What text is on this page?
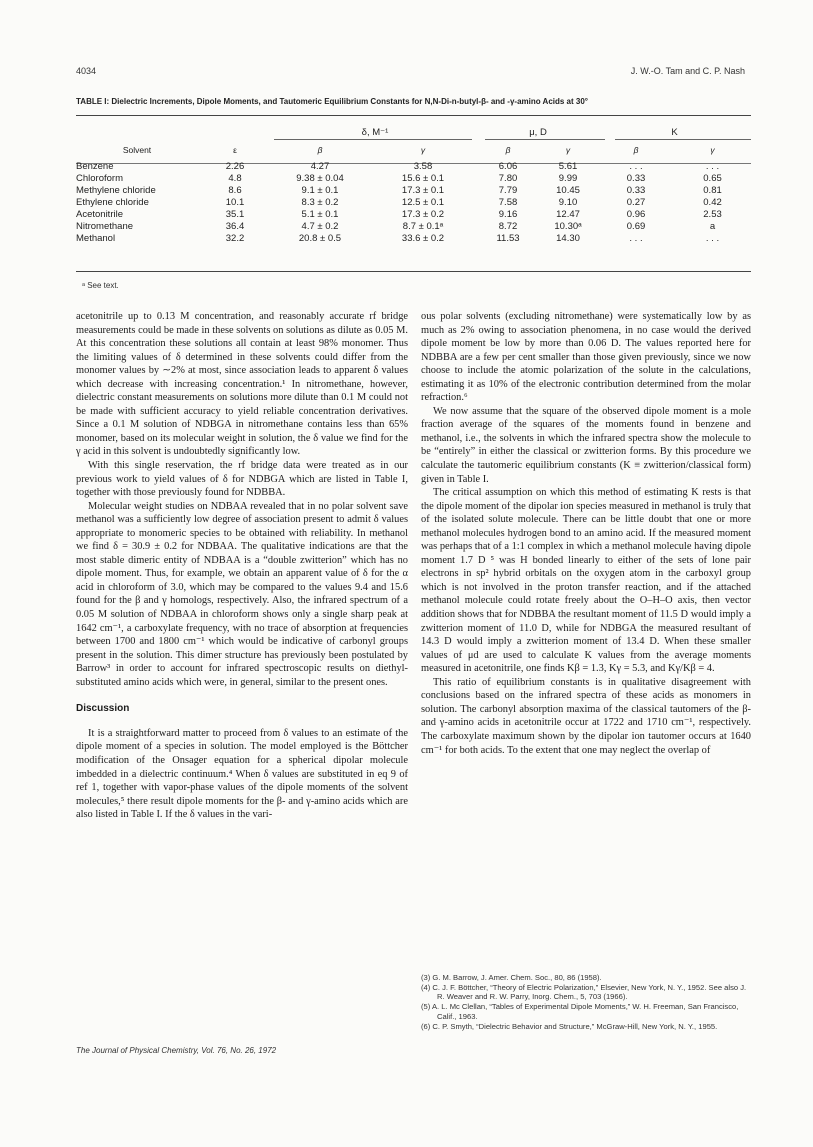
4034	J. W.-O. Tam and C. P. Nash
TABLE I: Dielectric Increments, Dipole Moments, and Tautomeric Equilibrium Constants for N,N-Di-n-butyl-β- and -γ-amino Acids at 30°
		δ, M⁻¹		μ, D		K	
Solvent	ε	β	γ	β	γ	β	γ
Benzene	2.26	4.27	3.58	6.06	5.61	. . .	. . .
Chloroform	4.8	9.38 ± 0.04	15.6 ± 0.1	7.80	9.99	0.33	0.65
Methylene chloride	8.6	9.1 ± 0.1	17.3 ± 0.1	7.79	10.45	0.33	0.81
Ethylene chloride	10.1	8.3 ± 0.2	12.5 ± 0.1	7.58	9.10	0.27	0.42
Acetonitrile	35.1	5.1 ± 0.1	17.3 ± 0.2	9.16	12.47	0.96	2.53
Nitromethane	36.4	4.7 ± 0.2	8.7 ± 0.1ᵃ	8.72	10.30ᵃ	0.69	a
Methanol	32.2	20.8 ± 0.5	33.6 ± 0.2	11.53	14.30	. . .	. . .
ᵃ See text.

acetonitrile up to 0.13 M concentration, and reasonably accurate rf bridge measurements could be made in these solvents on solutions as dilute as 0.05 M. At this concentration these solutions all contain at least 98% monomer. Thus the limiting values of δ determined in these solvents could differ from the monomer values by ∼2% at most, since association leads to apparent δ values which decrease with increasing concentration.¹ In nitromethane, however, dielectric constant measurements on solutions more dilute than 0.1 M could not be made with sufficient accuracy to yield reliable concentration derivatives. Since a 0.1 M solution of NDBGA in nitromethane contains less than 65% monomer, based on its molecular weight in solution, the δ value we find for the γ acid in this solvent is undoubtedly significantly low.

With this single reservation, the rf bridge data were treated as in our previous work to yield values of δ for NDBGA which are listed in Table I, together with those previously found for NDBBA.

Molecular weight studies on NDBAA revealed that in no polar solvent save methanol was a sufficiently low degree of association present to admit δ values appropriate to monomeric species to be obtained with reliability. In methanol we find δ = 30.9 ± 0.2 for NDBAA. The qualitative indications are that the most stable dimeric entity of NDBAA is a “double zwitterion” which has no dipole moment. Thus, for example, we obtain an apparent value of δ for the α acid in chloroform of 3.0, which may be compared to the values 9.4 and 15.6 found for the β and γ homologs, respectively. Also, the infrared spectrum of a 0.05 M solution of NDBAA in chloroform shows only a single sharp peak at 1642 cm⁻¹, a carboxylate frequency, with no trace of absorption at frequencies between 1700 and 1800 cm⁻¹ which would be indicative of carbonyl groups present in the solution. This dimer structure has previously been postulated by Barrow³ in order to account for infrared spectroscopic results on diethyl-substituted amino acids which were, in general, similar to the present ones.

Discussion

It is a straightforward matter to proceed from δ values to an estimate of the dipole moment of a species in solution. The model employed is the Böttcher modification of the Onsager equation for a spherical dipolar molecule imbedded in a dielectric continuum.⁴ When δ values are substituted in eq 9 of ref 1, together with vapor-phase values of the dipole moments of the solvent molecules,⁵ there result dipole moments for the β- and γ-amino acids which are also listed in Table I. If the δ values in the vari-

ous polar solvents (excluding nitromethane) were systematically low by as much as 2% owing to association phenomena, in no case would the derived dipole moment be low by more than 0.06 D. The values reported here for NDBBA are a few per cent smaller than those given previously, since we now choose to include the atomic polarization of the solute in the calculations, estimating it as 10% of the electronic contribution determined from the molar refraction.⁶

We now assume that the square of the observed dipole moment is a mole fraction average of the squares of the moments found in benzene and methanol, i.e., the solvents in which the infrared spectra show the molecule to be “entirely” in either the classical or zwitterion forms. By this procedure we calculate the tautomeric equilibrium constants (K ≡ zwitterion/classical form) given in Table I.

The critical assumption on which this method of estimating K rests is that the dipole moment of the dipolar ion species measured in methanol is truly that of the isolated solute molecule. There can be little doubt that one or more methanol molecules hydrogen bond to an amino acid. If the measured moment was perhaps that of a 1:1 complex in which a methanol molecule having dipole moment 1.7 D ⁵ was H bonded linearly to either of the sets of lone pair electrons in sp² hybrid orbitals on the oxygen atom in the carboxyl group which is not involved in the proton transfer reaction, and if the attached methanol molecule could rotate freely about the O–H–O axis, then vector addition shows that for NDBBA the resultant moment of 11.5 D would imply a zwitterion moment of 11.0 D, while for NDBGA the measured resultant of 14.3 D would imply a zwitterion moment of 13.4 D. When these smaller values of μd are used to calculate K values from the average moments measured in acetonitrile, one finds Kβ = 1.3, Kγ = 5.3, and Kγ/Kβ = 4.

This ratio of equilibrium constants is in qualitative disagreement with conclusions based on the infrared spectra of these acids as monomers in solution. The carbonyl absorption maxima of the classical tautomers of the β- and γ-amino acids in acetonitrile occur at 1722 and 1710 cm⁻¹, respectively. The carboxylate maximum shown by the dipolar ion tautomer occurs at 1640 cm⁻¹ for both acids. To the extent that one may neglect the overlap of

(3) G. M. Barrow, J. Amer. Chem. Soc., 80, 86 (1958).
(4) C. J. F. Böttcher, “Theory of Electric Polarization,” Elsevier, New York, N. Y., 1952. See also J. R. Weaver and R. W. Parry, Inorg. Chem., 5, 703 (1966).
(5) A. L. Mc Clellan, “Tables of Experimental Dipole Moments,” W. H. Freeman, San Francisco, Calif., 1963.
(6) C. P. Smyth, “Dielectric Behavior and Structure,” McGraw-Hill, New York, N. Y., 1955.
The Journal of Physical Chemistry, Vol. 76, No. 26, 1972
